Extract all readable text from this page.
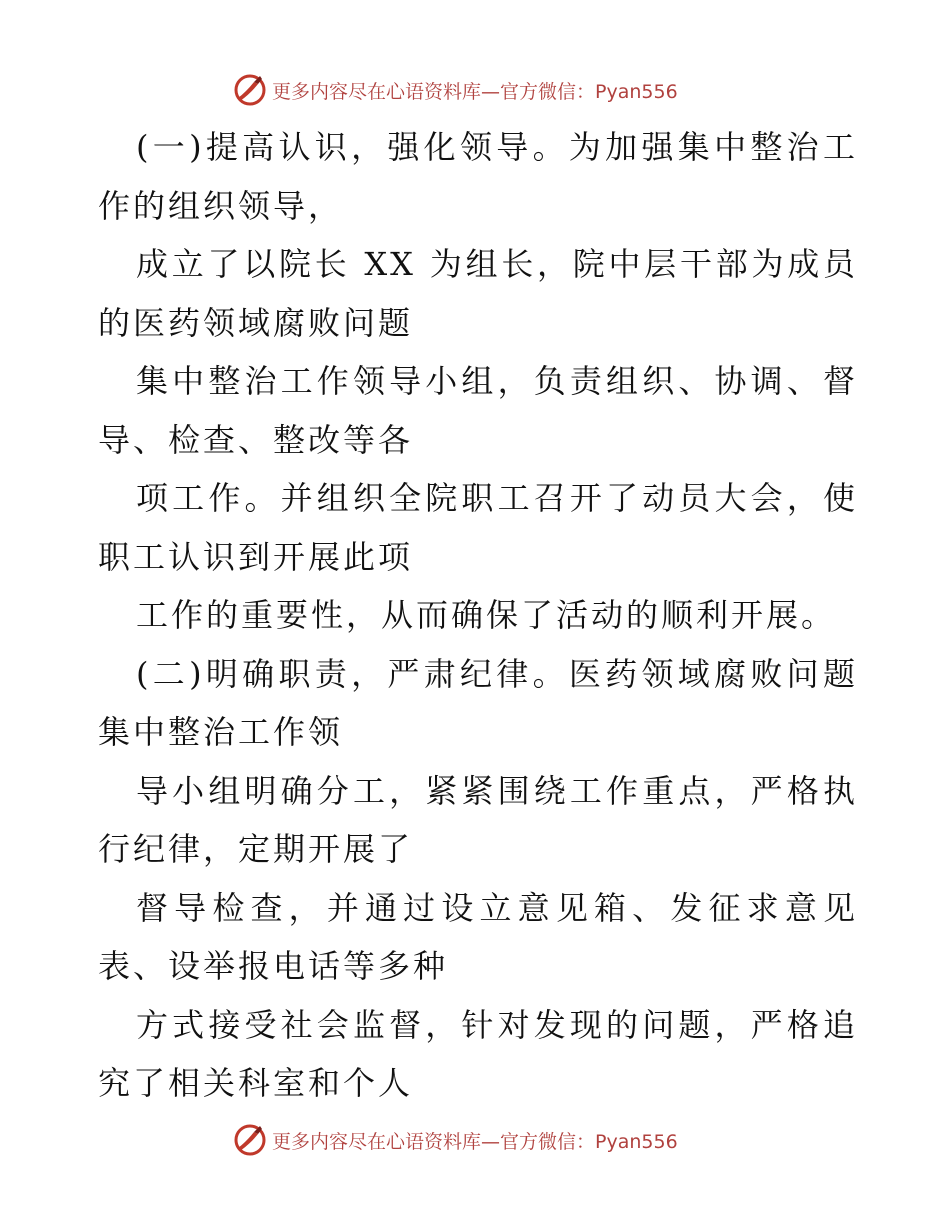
更多内容尽在心语资料库—官方微信：Pyan556

(一)提高认识，强化领导。为加强集中整治工作的组织领导，

成立了以院长 XX 为组长，院中层干部为成员的医药领域腐败问题

集中整治工作领导小组，负责组织、协调、督导、检查、整改等各

项工作。并组织全院职工召开了动员大会，使职工认识到开展此项

工作的重要性，从而确保了活动的顺利开展。

(二)明确职责，严肃纪律。医药领域腐败问题集中整治工作领

导小组明确分工，紧紧围绕工作重点，严格执行纪律，定期开展了

督导检查，并通过设立意见箱、发征求意见表、设举报电话等多种

方式接受社会监督，针对发现的问题，严格追究了相关科室和个人

更多内容尽在心语资料库—官方微信：Pyan556
